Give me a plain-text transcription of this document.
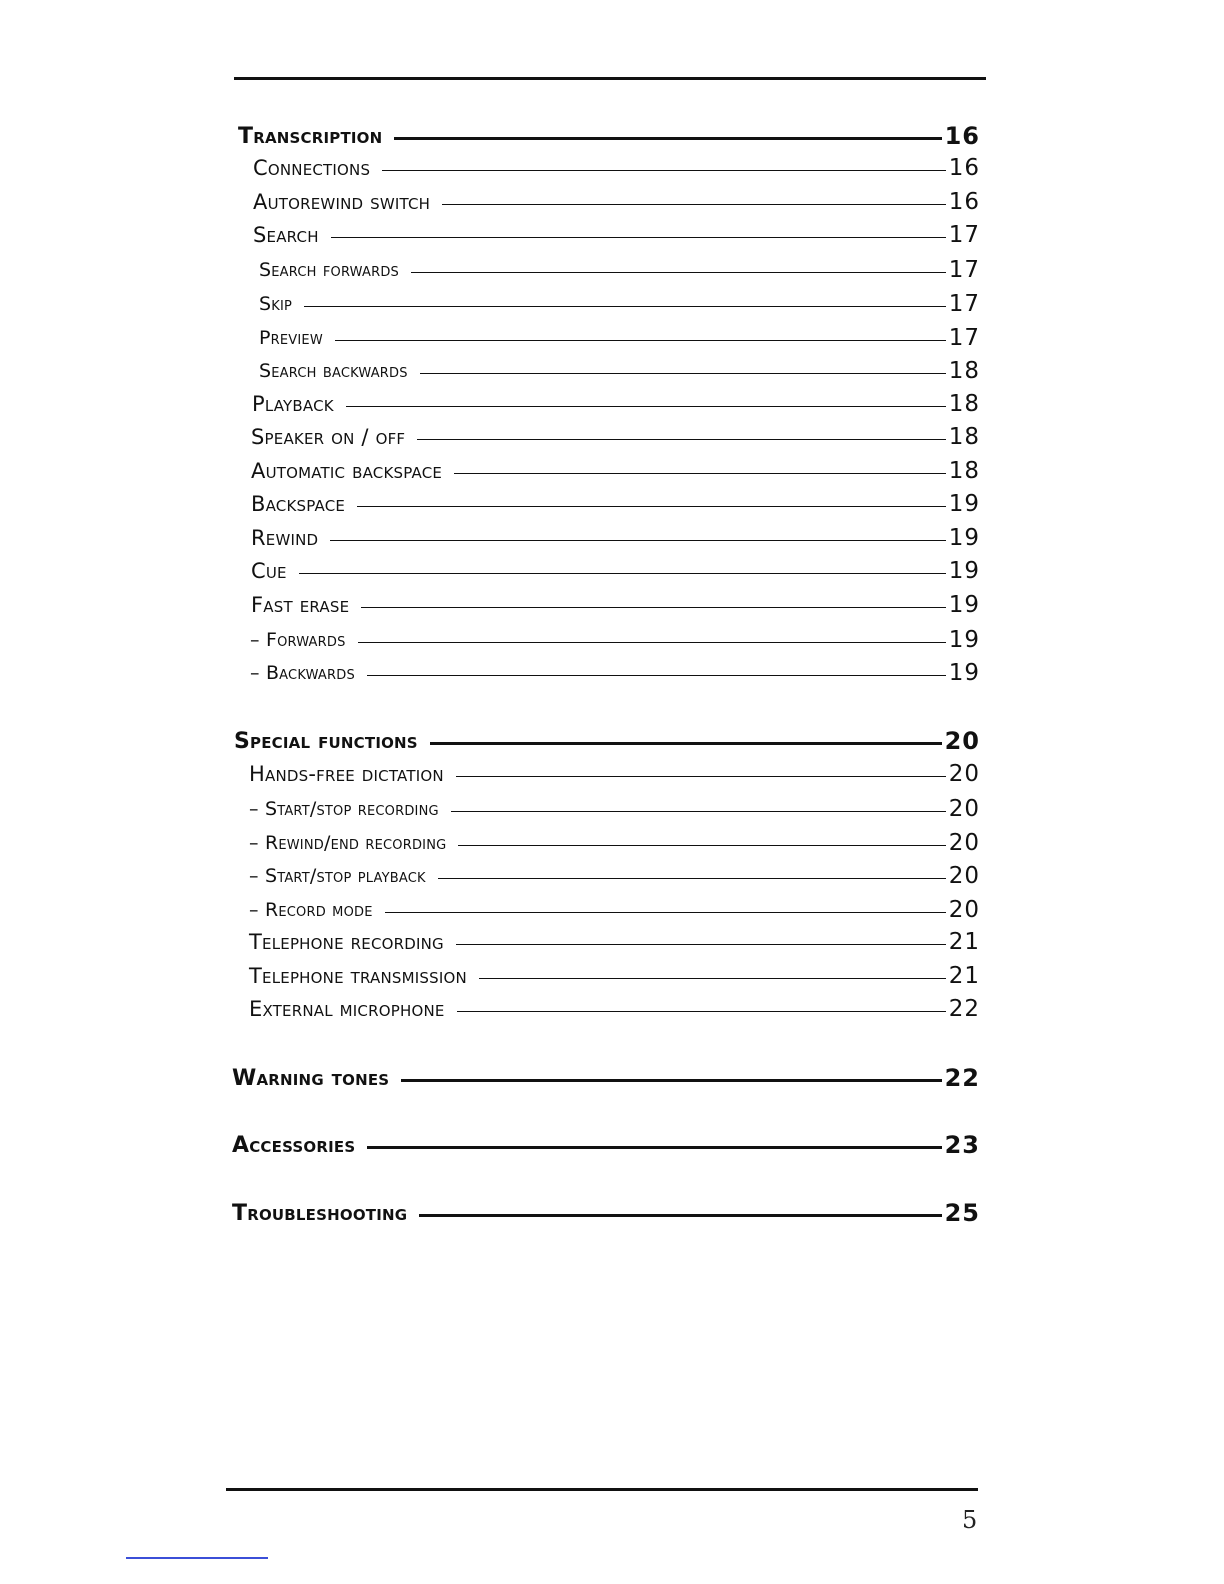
Transcription	16
Connections	16
Autorewind switch	16
Search	17
Search forwards	17
Skip	17
Preview	17
Search backwards	18
Playback	18
Speaker on / off	18
Automatic backspace	18
Backspace	19
Rewind	19
Cue	19
Fast erase	19
– Forwards	19
– Backwards	19
Special functions	20
Hands-free dictation	20
– Start/stop recording	20
– Rewind/end recording	20
– Start/stop playback	20
– Record mode	20
Telephone recording	21
Telephone transmission	21
External microphone	22
Warning tones	22
Accessories	23
Troubleshooting	25
5
